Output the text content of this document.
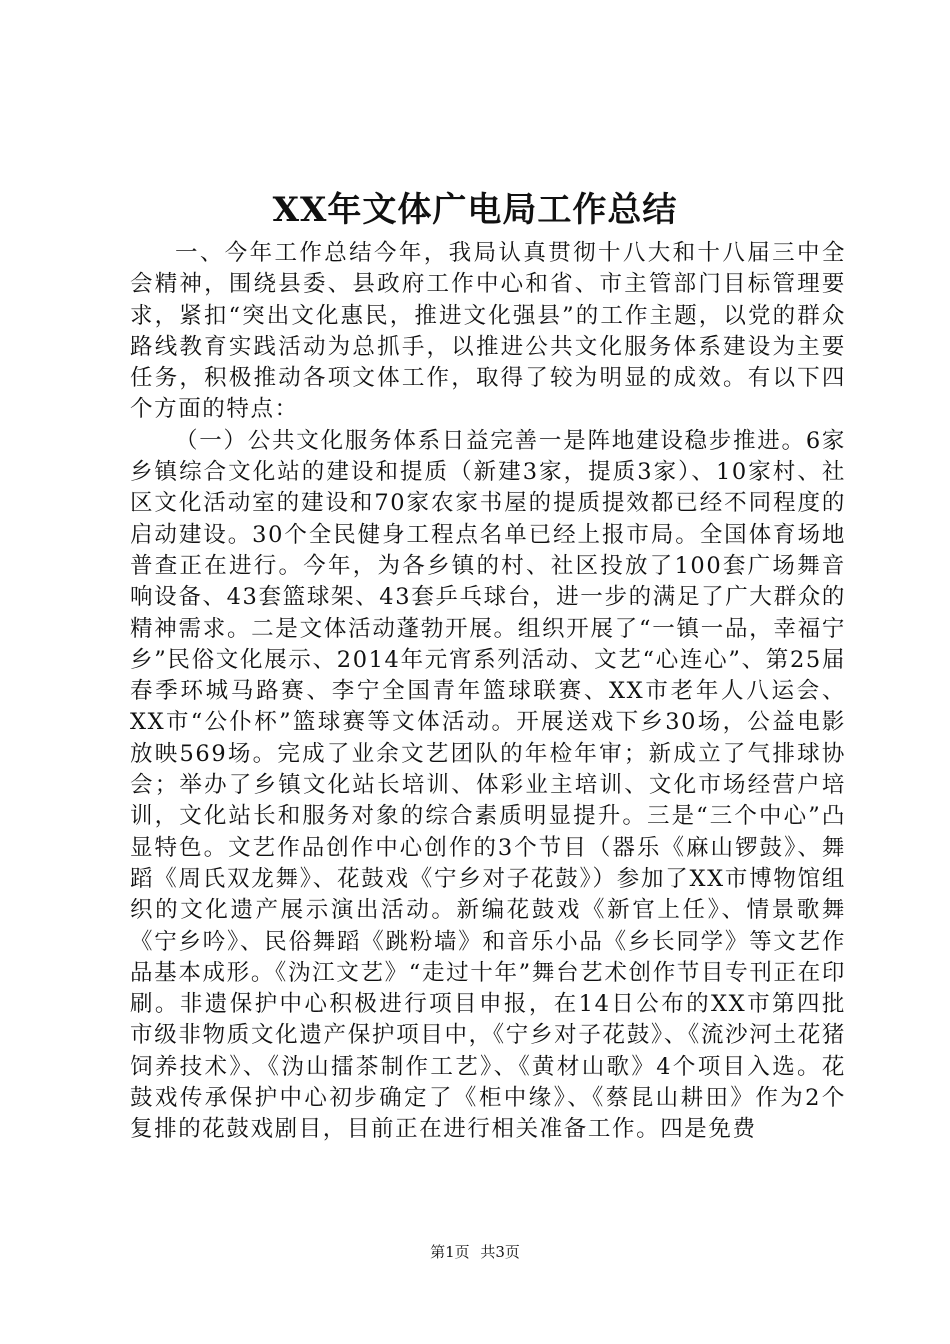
XX年文体广电局工作总结

一、今年工作总结今年，我局认真贯彻十八大和十八届三中全会精神，围绕县委、县政府工作中心和省、市主管部门目标管理要求，紧扣“突出文化惠民，推进文化强县”的工作主题，以党的群众路线教育实践活动为总抓手，以推进公共文化服务体系建设为主要任务，积极推动各项文体工作，取得了较为明显的成效。有以下四个方面的特点：

（一）公共文化服务体系日益完善一是阵地建设稳步推进。6家乡镇综合文化站的建设和提质（新建3家，提质3家）、10家村、社区文化活动室的建设和70家农家书屋的提质提效都已经不同程度的启动建设。30个全民健身工程点名单已经上报市局。全国体育场地普查正在进行。今年，为各乡镇的村、社区投放了100套广场舞音响设备、43套篮球架、43套乒乓球台，进一步的满足了广大群众的精神需求。二是文体活动蓬勃开展。组织开展了“一镇一品，幸福宁乡”民俗文化展示、2014年元宵系列活动、文艺“心连心”、第25届春季环城马路赛、李宁全国青年篮球联赛、XX市老年人八运会、XX市“公仆杯”篮球赛等文体活动。开展送戏下乡30场，公益电影放映569场。完成了业余文艺团队的年检年审；新成立了气排球协会；举办了乡镇文化站长培训、体彩业主培训、文化市场经营户培训，文化站长和服务对象的综合素质明显提升。三是“三个中心”凸显特色。文艺作品创作中心创作的3个节目（器乐《麻山锣鼓》、舞蹈《周氏双龙舞》、花鼓戏《宁乡对子花鼓》）参加了XX市博物馆组织的文化遗产展示演出活动。新编花鼓戏《新官上任》、情景歌舞《宁乡吟》、民俗舞蹈《跳粉墙》和音乐小品《乡长同学》等文艺作品基本成形。《沩江文艺》“走过十年”舞台艺术创作节目专刊正在印刷。非遗保护中心积极进行项目申报，在14日公布的XX市第四批市级非物质文化遗产保护项目中，《宁乡对子花鼓》、《流沙河土花猪饲养技术》、《沩山擂茶制作工艺》、《黄材山歌》4个项目入选。花鼓戏传承保护中心初步确定了《柜中缘》、《蔡昆山耕田》作为2个复排的花鼓戏剧目，目前正在进行相关准备工作。四是免费

第1页 共3页
